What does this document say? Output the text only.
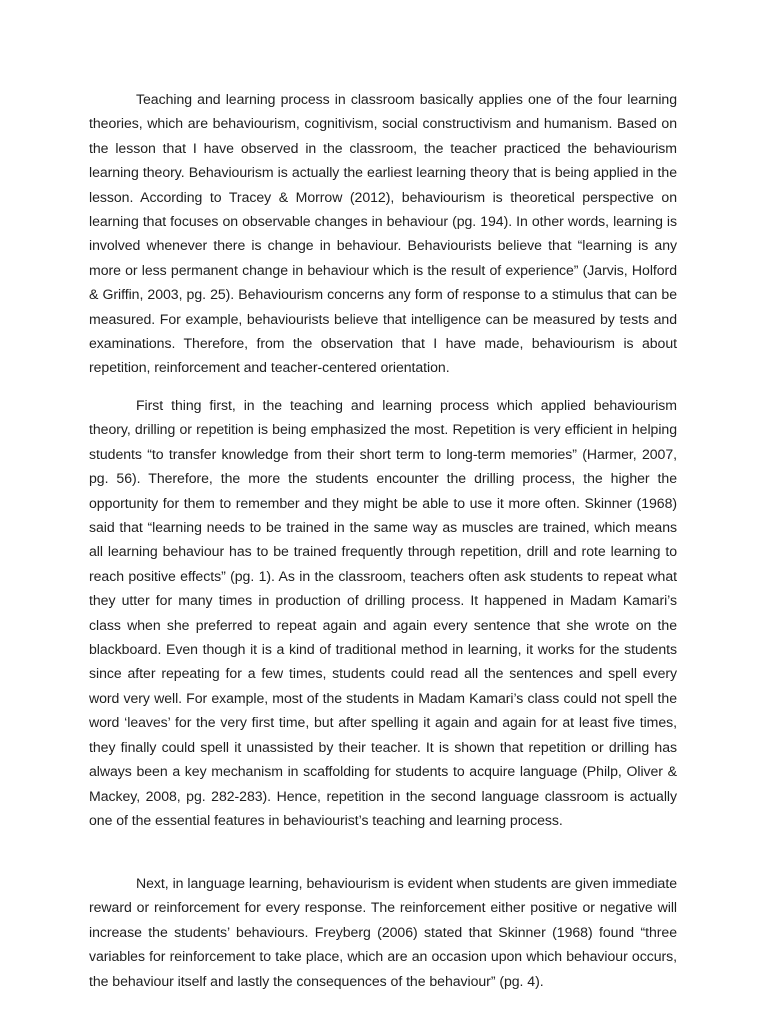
Teaching and learning process in classroom basically applies one of the four learning theories, which are behaviourism, cognitivism, social constructivism and humanism. Based on the lesson that I have observed in the classroom, the teacher practiced the behaviourism learning theory. Behaviourism is actually the earliest learning theory that is being applied in the lesson. According to Tracey & Morrow (2012), behaviourism is theoretical perspective on learning that focuses on observable changes in behaviour (pg. 194). In other words, learning is involved whenever there is change in behaviour. Behaviourists believe that “learning is any more or less permanent change in behaviour which is the result of experience” (Jarvis, Holford & Griffin, 2003, pg. 25). Behaviourism concerns any form of response to a stimulus that can be measured. For example, behaviourists believe that intelligence can be measured by tests and examinations. Therefore, from the observation that I have made, behaviourism is about repetition, reinforcement and teacher-centered orientation.

First thing first, in the teaching and learning process which applied behaviourism theory, drilling or repetition is being emphasized the most. Repetition is very efficient in helping students “to transfer knowledge from their short term to long-term memories” (Harmer, 2007, pg. 56). Therefore, the more the students encounter the drilling process, the higher the opportunity for them to remember and they might be able to use it more often. Skinner (1968) said that “learning needs to be trained in the same way as muscles are trained, which means all learning behaviour has to be trained frequently through repetition, drill and rote learning to reach positive effects” (pg. 1). As in the classroom, teachers often ask students to repeat what they utter for many times in production of drilling process. It happened in Madam Kamari’s class when she preferred to repeat again and again every sentence that she wrote on the blackboard. Even though it is a kind of traditional method in learning, it works for the students since after repeating for a few times, students could read all the sentences and spell every word very well. For example, most of the students in Madam Kamari’s class could not spell the word ‘leaves’ for the very first time, but after spelling it again and again for at least five times, they finally could spell it unassisted by their teacher. It is shown that repetition or drilling has always been a key mechanism in scaffolding for students to acquire language (Philp, Oliver & Mackey, 2008, pg. 282-283). Hence, repetition in the second language classroom is actually one of the essential features in behaviourist’s teaching and learning process.

Next, in language learning, behaviourism is evident when students are given immediate reward or reinforcement for every response. The reinforcement either positive or negative will increase the students’ behaviours. Freyberg (2006) stated that Skinner (1968) found “three variables for reinforcement to take place, which are an occasion upon which behaviour occurs, the behaviour itself and lastly the consequences of the behaviour” (pg. 4).
